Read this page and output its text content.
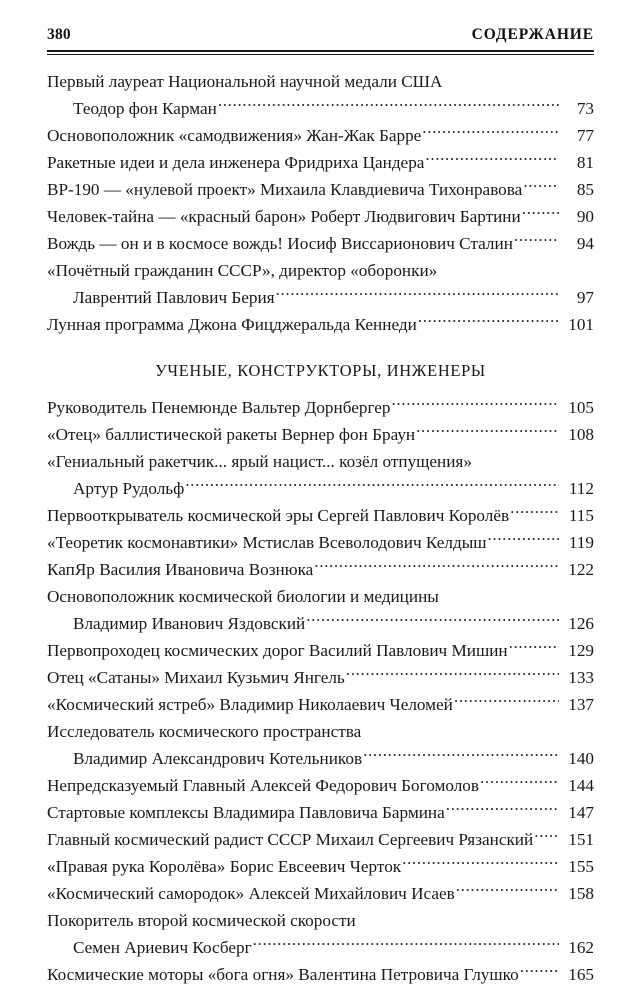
380	СОДЕРЖАНИЕ
Первый лауреат Национальной научной медали США
Теодор фон Карман .....	73
Основоположник «самодвижения» Жан-Жак Барре .....	77
Ракетные идеи и дела инженера Фридриха Цандера .....	81
ВР-190 — «нулевой проект» Михаила Клавдиевича Тихонравова .....	85
Человек-тайна — «красный барон» Роберт Людвигович Бартини .....	90
Вождь — он и в космосе вождь! Иосиф Виссарионович Сталин .....	94
«Почётный гражданин СССР», директор «оборонки»
Лаврентий Павлович Берия .....	97
Лунная программа Джона Фицджеральда Кеннеди .....	101
УЧЕНЫЕ, КОНСТРУКТОРЫ, ИНЖЕНЕРЫ
Руководитель Пенемюнде Вальтер Дорнбергер .....	105
«Отец» баллистической ракеты Вернер фон Браун .....	108
«Гениальный ракетчик... ярый нацист... козёл отпущения»
Артур Рудольф .....	112
Первооткрыватель космической эры Сергей Павлович Королёв .....	115
«Теоретик космонавтики» Мстислав Всеволодович Келдыш .....	119
КапЯр Василия Ивановича Вознюка .....	122
Основоположник космической биологии и медицины
Владимир Иванович Яздовский .....	126
Первопроходец космических дорог Василий Павлович Мишин .....	129
Отец «Сатаны» Михаил Кузьмич Янгель .....	133
«Космический ястреб» Владимир Николаевич Челомей .....	137
Исследователь космического пространства
Владимир Александрович Котельников .....	140
Непредсказуемый Главный Алексей Федорович Богомолов .....	144
Стартовые комплексы Владимира Павловича Бармина .....	147
Главный космический радист СССР Михаил Сергеевич Рязанский .....	151
«Правая рука Королёва» Борис Евсеевич Черток .....	155
«Космический самородок» Алексей Михайлович Исаев .....	158
Покоритель второй космической скорости
Семен Ариевич Косберг .....	162
Космические моторы «бога огня» Валентина Петровича Глушко .....	165
